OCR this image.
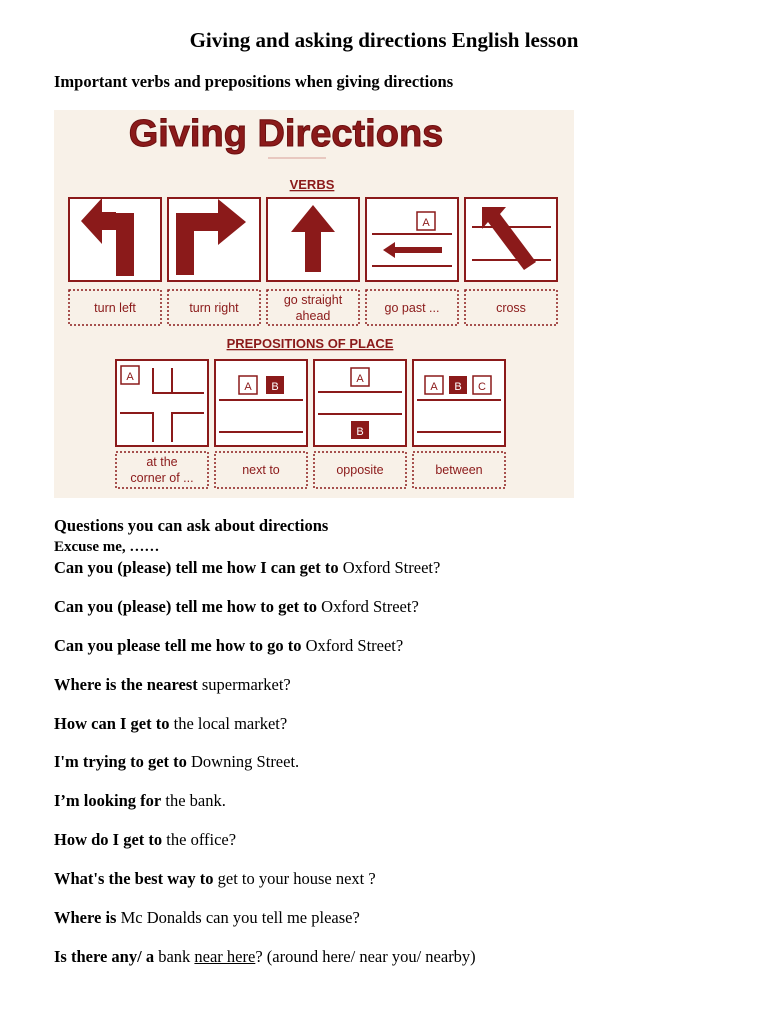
Giving and asking directions English lesson
Important verbs and prepositions when giving directions
Giving Directions
VERBS
A
turn left	turn right
go straight
ahead
go past ...	cross
PREPOSITIONS OF PLACE
A
A B
A
B
A B C
at the
corner of ...
next to	opposite	between
Questions you can ask about directions
Excuse me, ……
Can you (please) tell me how I can get to Oxford Street?
Can you (please) tell me how to get to Oxford Street?
Can you please tell me how to go to Oxford Street?
Where is the nearest supermarket?
How can I get to the local market?
I'm trying to get to Downing Street.
I’m looking for the bank.
How do I get to the office?
What's the best way to get to your house next ?
Where is Mc Donalds can you tell me please?
Is there any/ a bank near here? (around here/ near you/ nearby)
